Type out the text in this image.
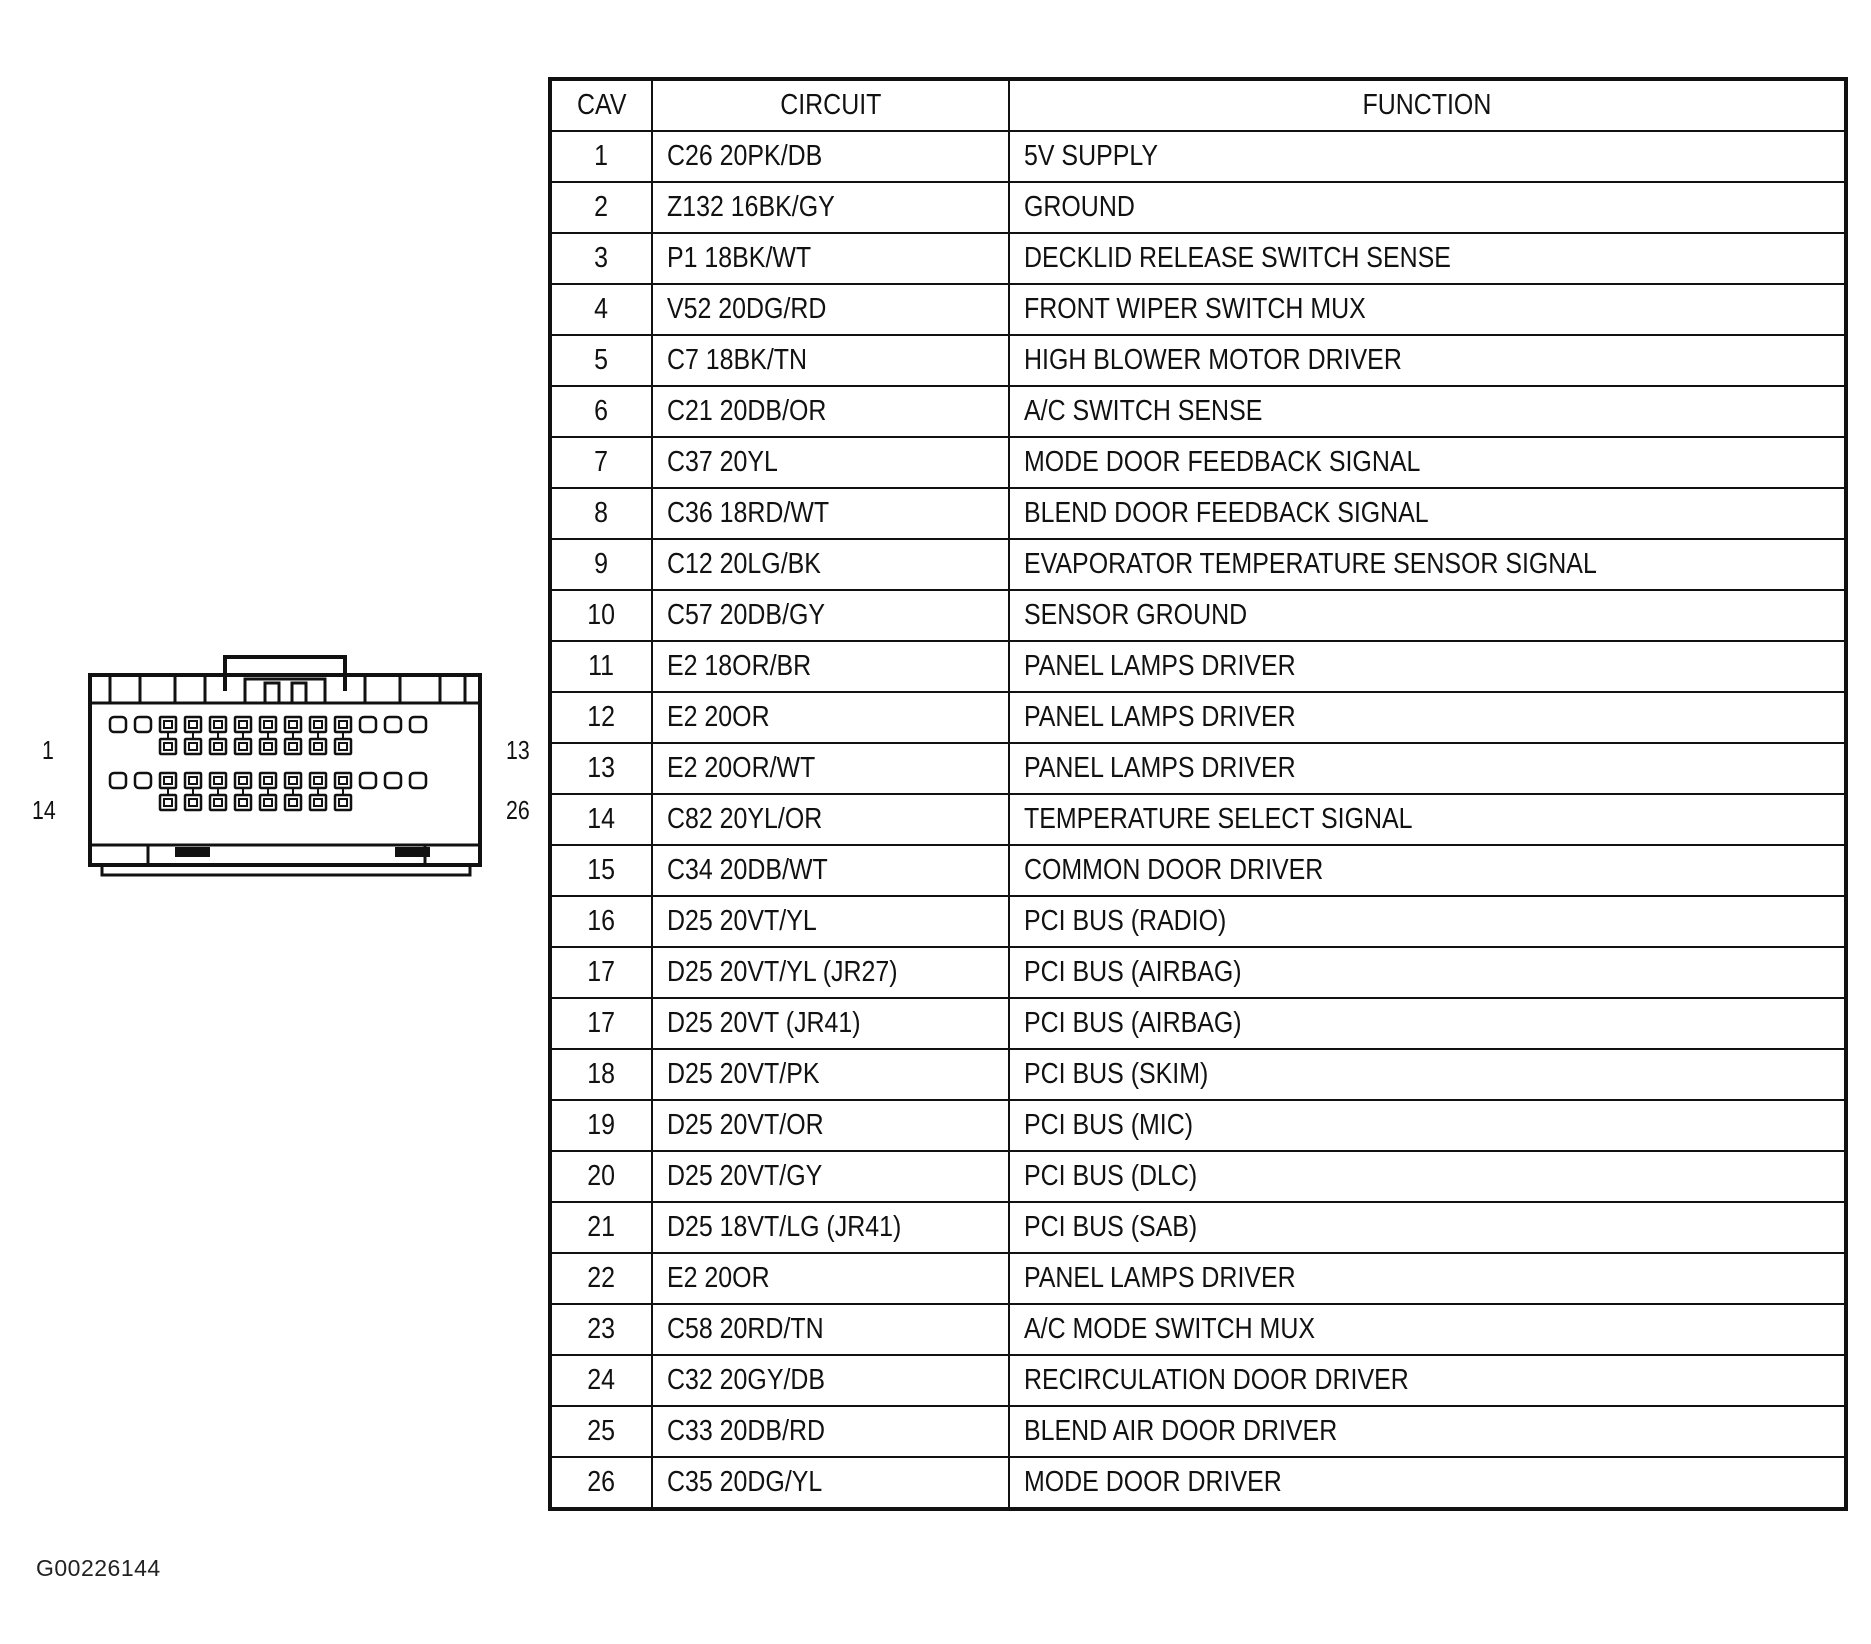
1	13
14	26
CAV	CIRCUIT	FUNCTION
1	C26 20PK/DB	5V SUPPLY
2	Z132 16BK/GY	GROUND
3	P1 18BK/WT	DECKLID RELEASE SWITCH SENSE
4	V52 20DG/RD	FRONT WIPER SWITCH MUX
5	C7 18BK/TN	HIGH BLOWER MOTOR DRIVER
6	C21 20DB/OR	A/C SWITCH SENSE
7	C37 20YL	MODE DOOR FEEDBACK SIGNAL
8	C36 18RD/WT	BLEND DOOR FEEDBACK SIGNAL
9	C12 20LG/BK	EVAPORATOR TEMPERATURE SENSOR SIGNAL
10	C57 20DB/GY	SENSOR GROUND
11	E2 18OR/BR	PANEL LAMPS DRIVER
12	E2 20OR	PANEL LAMPS DRIVER
13	E2 20OR/WT	PANEL LAMPS DRIVER
14	C82 20YL/OR	TEMPERATURE SELECT SIGNAL
15	C34 20DB/WT	COMMON DOOR DRIVER
16	D25 20VT/YL	PCI BUS (RADIO)
17	D25 20VT/YL (JR27)	PCI BUS (AIRBAG)
17	D25 20VT (JR41)	PCI BUS (AIRBAG)
18	D25 20VT/PK	PCI BUS (SKIM)
19	D25 20VT/OR	PCI BUS (MIC)
20	D25 20VT/GY	PCI BUS (DLC)
21	D25 18VT/LG (JR41)	PCI BUS (SAB)
22	E2 20OR	PANEL LAMPS DRIVER
23	C58 20RD/TN	A/C MODE SWITCH MUX
24	C32 20GY/DB	RECIRCULATION DOOR DRIVER
25	C33 20DB/RD	BLEND AIR DOOR DRIVER
26	C35 20DG/YL	MODE DOOR DRIVER
G00226144
